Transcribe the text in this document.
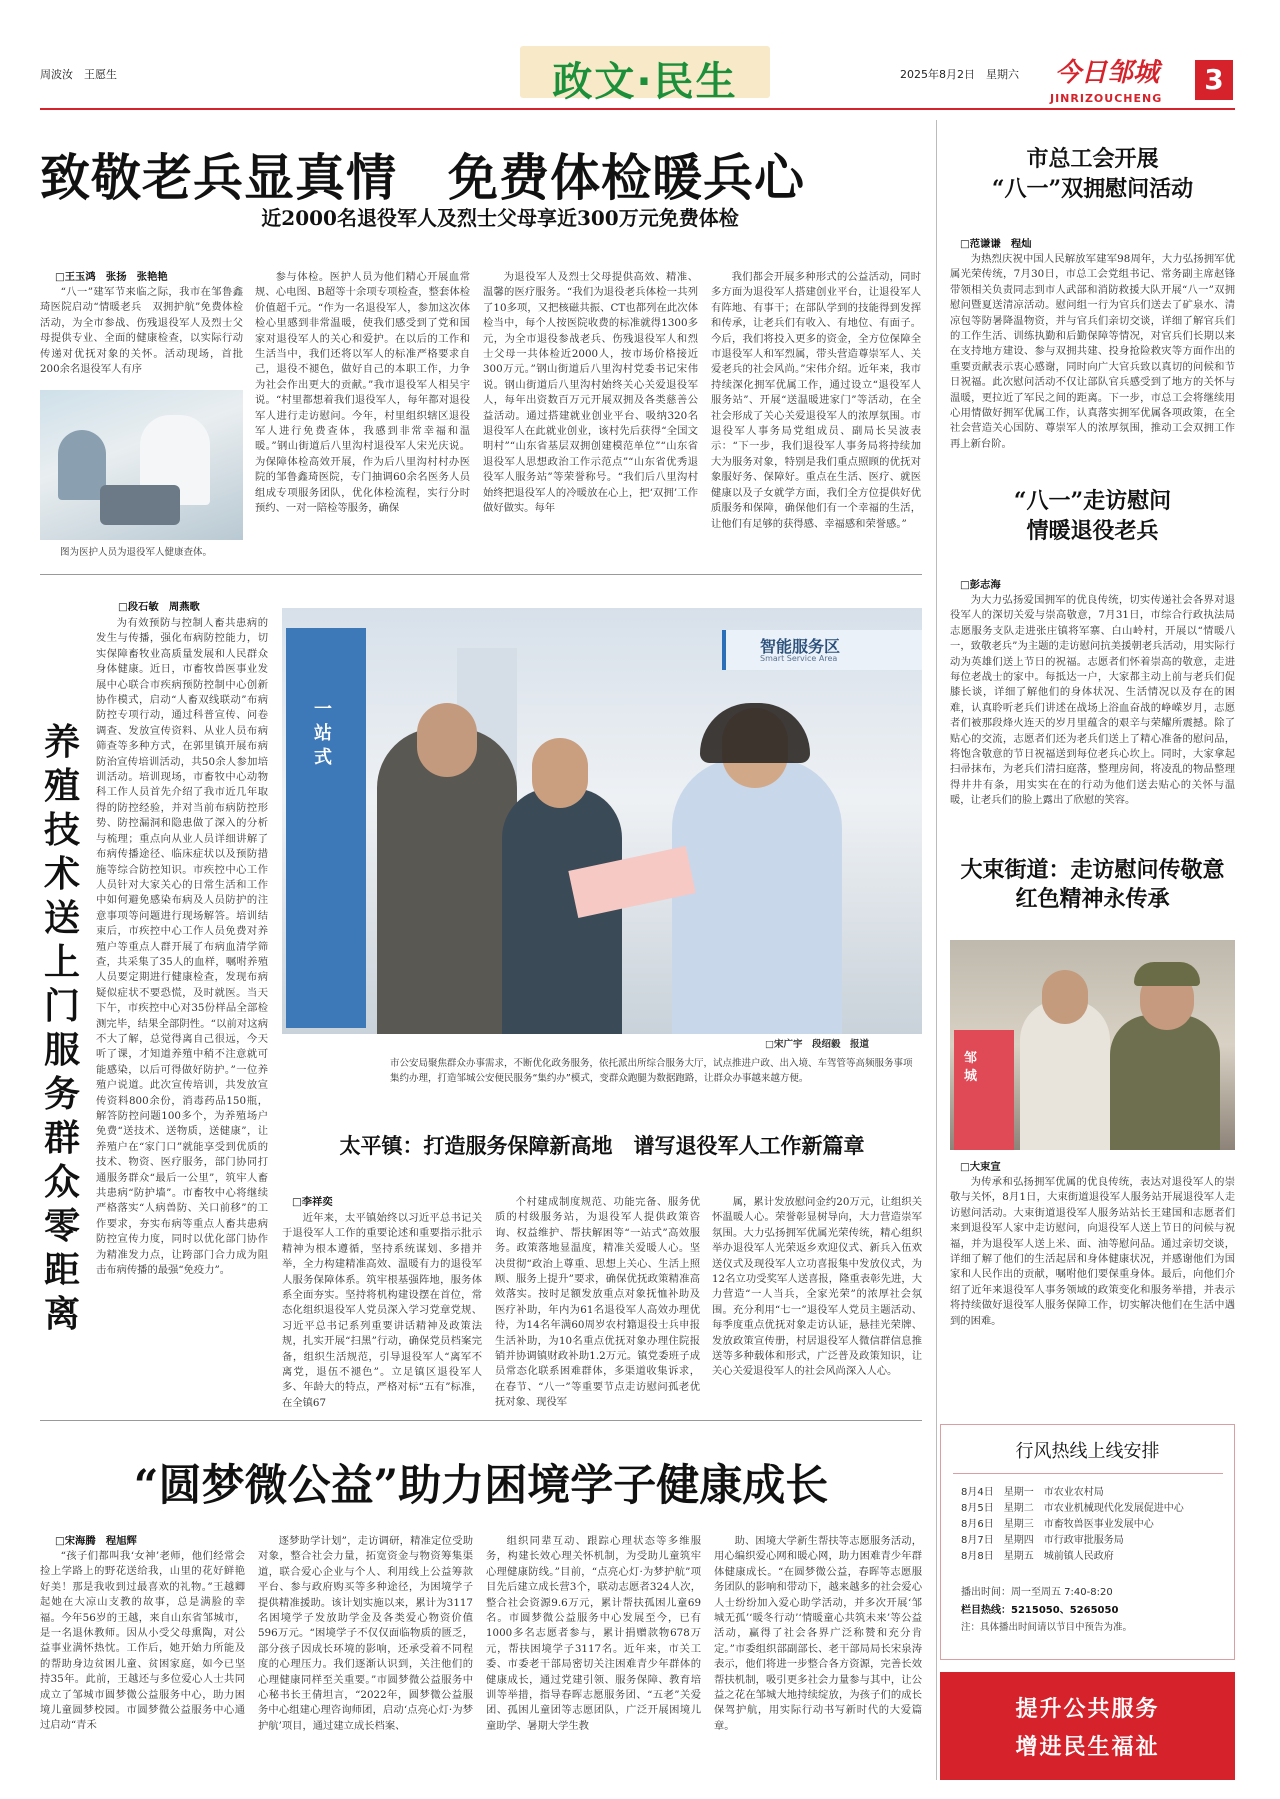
周波汝　王愿生	政文·民生	2025年8月2日　星期六 今日邹城
JINRIZOUCHENG
3
致敬老兵显真情　免费体检暖兵心
近2000名退役军人及烈士父母享近300万元免费体检
□王玉鸿　张扬　张艳艳

“八一”建军节来临之际，我市在邹鲁鑫琦医院启动“情暖老兵　双拥护航”免费体检活动，为全市参战、伤残退役军人及烈士父母提供专业、全面的健康检查，以实际行动传递对优抚对象的关怀。活动现场，首批200余名退役军人有序

图为医护人员为退役军人健康查体。

参与体检。医护人员为他们精心开展血常规、心电图、B超等十余项专项检查，整套体检价值超千元。“作为一名退役军人，参加这次体检心里感到非常温暖，使我们感受到了党和国家对退役军人的关心和爱护。在以后的工作和生活当中，我们还将以军人的标准严格要求自己，退役不褪色，做好自己的本职工作，力争为社会作出更大的贡献。”我市退役军人相吴宇说。“村里都想着我们退役军人，每年都对退役军人进行走访慰问。今年，村里组织辖区退役军人进行免费查体，我感到非常幸福和温暖。”钢山街道后八里沟村退役军人宋光庆说。为保障体检高效开展，作为后八里沟村村办医院的邹鲁鑫琦医院，专门抽调60余名医务人员组成专项服务团队，优化体检流程，实行分时预约、一对一陪检等服务，确保

为退役军人及烈士父母提供高效、精准、温馨的医疗服务。“我们为退役老兵体检一共列了10多项，又把核磁共振、CT也都列在此次体检当中，每个人按医院收费的标准就得1300多元，为全市退役参战老兵、伤残退役军人和烈士父母一共体检近2000人，按市场价格接近300万元。”钢山街道后八里沟村党委书记宋伟说。钢山街道后八里沟村始终关心关爱退役军人，每年出资数百万元开展双拥及各类慈善公益活动。通过搭建就业创业平台、吸纳320名退役军人在此就业创业，该村先后获得“全国文明村”“山东省基层双拥创建模范单位”“山东省退役军人思想政治工作示范点”“山东省优秀退役军人服务站”等荣誉称号。“我们后八里沟村始终把退役军人的冷暖放在心上，把‘双拥’工作做好做实。每年

我们都会开展多种形式的公益活动，同时多方面为退役军人搭建创业平台，让退役军人有阵地、有事干；在部队学到的技能得到发挥和传承，让老兵们有收入、有地位、有面子。今后，我们将投入更多的资金，全方位保障全市退役军人和军烈属，带头营造尊崇军人、关爱老兵的社会风尚。”宋伟介绍。近年来，我市持续深化拥军优属工作，通过设立“退役军人服务站”、开展“送温暖进家门”等活动，在全社会形成了关心关爱退役军人的浓厚氛围。市退役军人事务局党组成员、副局长吴波表示：“下一步，我们退役军人事务局将持续加大为服务对象，特别是我们重点照顾的优抚对象服好务、保障好。重点在生活、医疗、就医健康以及子女就学方面，我们全方位提供好优质服务和保障，确保他们有一个幸福的生活，让他们有足够的获得感、幸福感和荣誉感。”

养殖技术送上门　服务群众零距离
□段石敏　周燕歌

为有效预防与控制人畜共患病的发生与传播，强化布病防控能力，切实保障畜牧业高质量发展和人民群众身体健康。近日，市畜牧兽医事业发展中心联合市疾病预防控制中心创新协作模式，启动“人畜双线联动”布病防控专项行动，通过科普宣传、问卷调查、发放宣传资料、从业人员布病筛查等多种方式，在郭里镇开展布病防治宣传培训活动，共50余人参加培训活动。培训现场，市畜牧中心动物科工作人员首先介绍了我市近几年取得的防控经验，并对当前布病防控形势、防控漏洞和隐患做了深入的分析与梳理；重点向从业人员详细讲解了布病传播途径、临床症状以及预防措施等综合防控知识。市疾控中心工作人员针对大家关心的日常生活和工作中如何避免感染布病及人员防护的注意事项等问题进行现场解答。培训结束后，市疾控中心工作人员免费对养殖户等重点人群开展了布病血清学筛查，共采集了35人的血样，嘱咐养殖人员要定期进行健康检查，发现布病疑似症状不要恐慌，及时就医。当天下午，市疾控中心对35份样品全部检测完毕，结果全部阴性。“以前对这病不大了解，总觉得离自己很远，今天听了课，才知道养殖中稍不注意就可能感染，以后可得做好防护。”一位养殖户说道。此次宣传培训，共发放宣传资料800余份，消毒药品150瓶，解答防控问题100多个，为养殖场户免费“送技术、送物质，送健康”，让养殖户在“家门口”就能享受到优质的技术、物资、医疗服务，部门协同打通服务群众“最后一公里”，筑牢人畜共患病“防护墙”。市畜牧中心将继续严格落实“人病兽防、关口前移”的工作要求，夯实布病等重点人畜共患病防控宣传力度，同时以优化部门协作为精准发力点，让跨部门合力成为阻击布病传播的最强“免疫力”。

智能服务区
Smart Service Area
一站式
□宋广宇　段绍毅　报道
市公安局聚焦群众办事需求，不断优化政务服务，依托派出所综合服务大厅，试点推进户政、出入境、车驾管等高频服务事项集约办理，打造邹城公安便民服务“集约办”模式，变群众跑腿为数据跑路，让群众办事越来越方便。
太平镇：打造服务保障新高地　谱写退役军人工作新篇章
□李祥奕

近年来，太平镇始终以习近平总书记关于退役军人工作的重要论述和重要指示批示精神为根本遵循，坚持系统谋划、多措并举，全力构建精准高效、温暖有力的退役军人服务保障体系。筑牢根基强阵地，服务体系全面夯实。坚持将机构建设摆在首位，常态化组织退役军人党员深入学习党章党规、习近平总书记系列重要讲话精神及政策法规，扎实开展“扫黑”行动，确保党员档案完备，组织生活规范，引导退役军人“离军不离党，退伍不褪色”。立足镇区退役军人多、年龄大的特点，严格对标“五有”标准，在全镇67

个村建成制度规范、功能完备、服务优质的村级服务站，为退役军人提供政策咨询、权益维护、帮扶解困等“一站式”高效服务。政策落地显温度，精准关爱暖人心。坚决贯彻“政治上尊重、思想上关心、生活上照顾、服务上提升”要求，确保优抚政策精准高效落实。按时足额发放重点对象抚恤补助及医疗补助，年内为61名退役军人高效办理优待，为14名年满60周岁农村籍退役士兵申报生活补助，为10名重点优抚对象办理住院报销并协调镇财政补助1.2万元。镇党委班子成员常态化联系困难群体，多渠道收集诉求，在春节、“八一”等重要节点走访慰问孤老优抚对象、现役军

属，累计发放慰问金约20万元，让组织关怀温暖人心。荣誉彰显树导向，大力营造崇军氛围。大力弘扬拥军优属光荣传统，精心组织举办退役军人光荣返乡欢迎仪式、新兵入伍欢送仪式及现役军人立功喜报集中发放仪式，为12名立功受奖军人送喜报，隆重表彰先进，大力营造“一人当兵，全家光荣”的浓厚社会氛围。充分利用“七一”退役军人党员主题活动、每季度重点优抚对象走访认证，悬挂光荣牌、发放政策宣传册，村居退役军人微信群信息推送等多种载体和形式，广泛普及政策知识，让关心关爱退役军人的社会风尚深入人心。

“圆梦微公益”助力困境学子健康成长
□宋海腾　程旭辉

“孩子们都叫我‘女神’老师，他们经常会捡上学路上的野花送给我，山里的花好鲜艳好美！那是我收到过最喜欢的礼物。”王越卿起她在大凉山支教的故事，总是满脸的幸福。今年56岁的王越，来自山东省邹城市，是一名退休教师。因从小受父母熏陶，对公益事业满怀热忱。工作后，她开始力所能及的帮助身边贫困儿童、贫困家庭，如今已坚持35年。此前，王越还与多位爱心人士共同成立了邹城市圆梦微公益服务中心，助力困境儿童圆梦校园。市圆梦微公益服务中心通过启动“青禾

逐梦助学计划”，走访调研，精准定位受助对象，整合社会力量，拓宽资金与物资筹集渠道，联合爱心企业与个人、利用线上公益筹款平台、参与政府购买等多种途径，为困境学子提供精准援助。该计划实施以来，累计为3117名困境学子发放助学金及各类爱心物资价值596万元。“困境学子不仅仅面临物质的匮乏，部分孩子因成长环境的影响，还承受着不同程度的心理压力。我们逐渐认识到，关注他们的心理健康同样至关重要。”市圆梦微公益服务中心秘书长王倩坦言，“2022年，圆梦微公益服务中心组建心理咨询师团，启动‘点亮心灯·为梦护航’项目，通过建立成长档案、

组织同辈互动、跟踪心理状态等多维服务，构建长效心理关怀机制，为受助儿童筑牢心理健康防线。”目前，“点亮心灯·为梦护航”项目先后建立成长营3个，联动志愿者324人次，整合社会资源9.6万元，累计帮扶孤困儿童69名。市圆梦微公益服务中心发展至今，已有1000多名志愿者参与，累计捐赠款物678万元，帮扶困境学子3117名。近年来，市关工委、市委老干部局密切关注困难青少年群体的健康成长，通过党建引领、服务保障、教育培训等举措，指导春晖志愿服务团、“五老”关爱团、孤困儿童团等志愿团队，广泛开展困境儿童助学、暑期大学生教

助、困境大学新生帮扶等志愿服务活动，用心编织爱心网和暖心网，助力困难青少年群体健康成长。“在圆梦微公益，春晖等志愿服务团队的影响和带动下，越来越多的社会爱心人士纷纷加入爱心助学活动，并多次开展‘邹城无孤’‘暖冬行动’‘情暖童心共筑未来’等公益活动，赢得了社会各界广泛称赞和充分肯定。”市委组织部副部长、老干部局局长宋泉涛表示，他们将进一步整合各方资源，完善长效帮扶机制，吸引更多社会力量参与其中，让公益之花在邹城大地持续绽放，为孩子们的成长保驾护航，用实际行动书写新时代的大爱篇章。

市总工会开展
“八一”双拥慰问活动
□范谦谦　程灿

为热烈庆祝中国人民解放军建军98周年，大力弘扬拥军优属光荣传统，7月30日，市总工会党组书记、常务副主席赵锋带领相关负责同志到市人武部和消防救援大队开展“八一”双拥慰问暨夏送清凉活动。慰问组一行为官兵们送去了矿泉水、清凉包等防暑降温物资，并与官兵们亲切交谈，详细了解官兵们的工作生活、训练执勤和后勤保障等情况，对官兵们长期以来在支持地方建设、参与双拥共建、投身抢险救灾等方面作出的重要贡献表示衷心感谢，同时向广大官兵致以真切的问候和节日祝福。此次慰问活动不仅让部队官兵感受到了地方的关怀与温暖，更拉近了军民之间的距离。下一步，市总工会将继续用心用情做好拥军优属工作，认真落实拥军优属各项政策，在全社会营造关心国防、尊崇军人的浓厚氛围，推动工会双拥工作再上新台阶。

“八一”走访慰问
情暖退役老兵
□彭志海

为大力弘扬爱国拥军的优良传统，切实传递社会各界对退役军人的深切关爱与崇高敬意，7月31日，市综合行政执法局志愿服务支队走进张庄镇将军寨、白山岭村，开展以“情暖八一，致敬老兵”为主题的走访慰问抗美援朝老兵活动，用实际行动为英雄们送上节日的祝福。志愿者们怀着崇高的敬意，走进每位老战士的家中。每抵达一户，大家都主动上前与老兵们促膝长谈，详细了解他们的身体状况、生活情况以及存在的困难，认真聆听老兵们讲述在战场上浴血奋战的峥嵘岁月，志愿者们被那段烽火连天的岁月里蕴含的艰辛与荣耀所震撼。除了贴心的交流，志愿者们还为老兵们送上了精心准备的慰问品，将饱含敬意的节日祝福送到每位老兵心坎上。同时，大家拿起扫帚抹布，为老兵们清扫庭落，整理房间，将凌乱的物品整理得井井有条，用实实在在的行动为他们送去贴心的关怀与温暖，让老兵们的脸上露出了欣慰的笑容。

大束街道：走访慰问传敬意
红色精神永传承
邹城
□大束宣

为传承和弘扬拥军优属的优良传统，表达对退役军人的崇敬与关怀，8月1日，大束街道退役军人服务站开展退役军人走访慰问活动。大束街道退役军人服务站站长王建国和志愿者们来到退役军人家中走访慰问，向退役军人送上节日的问候与祝福，并为退役军人送上米、面、油等慰问品。通过亲切交谈，详细了解了他们的生活起居和身体健康状况，并感谢他们为国家和人民作出的贡献，嘱咐他们要保重身体。最后，向他们介绍了近年来退役军人事务领域的政策变化和服务举措，并表示将持续做好退役军人服务保障工作，切实解决他们在生活中遇到的困难。

行风热线上线安排
8月4日　 星期一　 市农业农村局
8月5日　 星期二　 市农业机械现代化发展促进中心
8月6日　 星期三　 市畜牧兽医事业发展中心
8月7日　 星期四　 市行政审批服务局
8月8日　 星期五　 城前镇人民政府
播出时间：周一至周五 7:40-8:20
栏目热线：5215050、5265050
注：具体播出时间请以节目中预告为准。
提升公共服务
增进民生福祉
